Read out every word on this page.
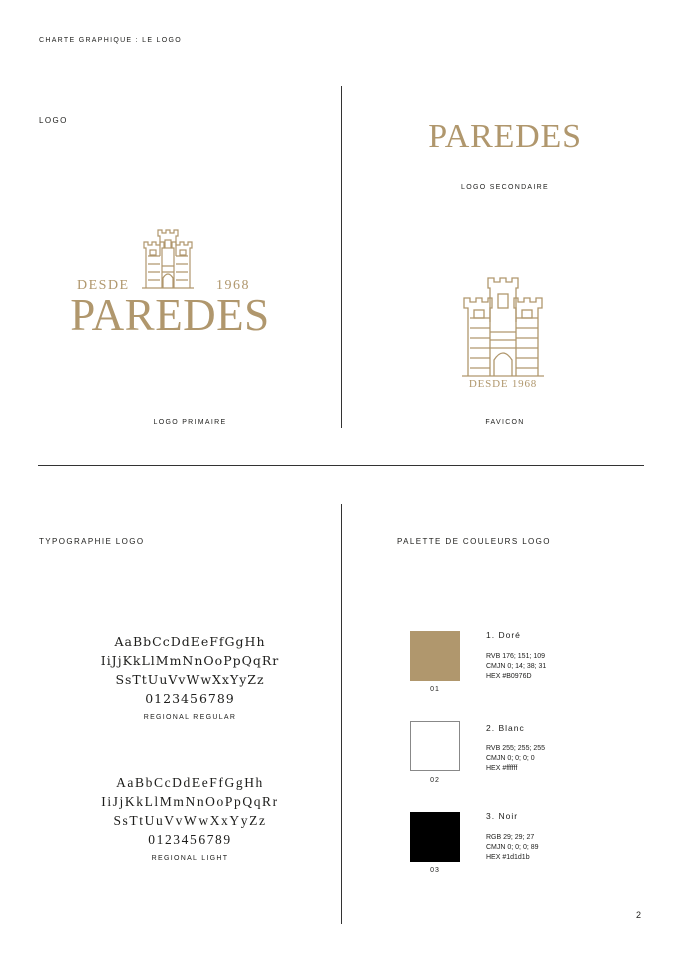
CHARTE GRAPHIQUE : LE LOGO
LOGO
DESDE	1968
PAREDES
LOGO PRIMAIRE
PAREDES
LOGO SECONDAIRE
DESDE 1968
FAVICON
TYPOGRAPHIE LOGO
AaBbCcDdEeFfGgHh
IiJjKkLlMmNnOoPpQqRr
SsTtUuVvWwXxYyZz
0123456789
REGIONAL REGULAR
AaBbCcDdEeFfGgHh
IiJjKkLlMmNnOoPpQqRr
SsTtUuVvWwXxYyZz
0123456789
REGIONAL LIGHT
PALETTE DE COULEURS LOGO
01
1. Doré
RVB 176; 151; 109
CMJN 0; 14; 38; 31
HEX #B0976D
02
2. Blanc
RVB 255; 255; 255
CMJN 0; 0; 0; 0
HEX #ffffff
03
3. Noir
RGB 29; 29; 27
CMJN 0; 0; 0; 89
HEX #1d1d1b
2
